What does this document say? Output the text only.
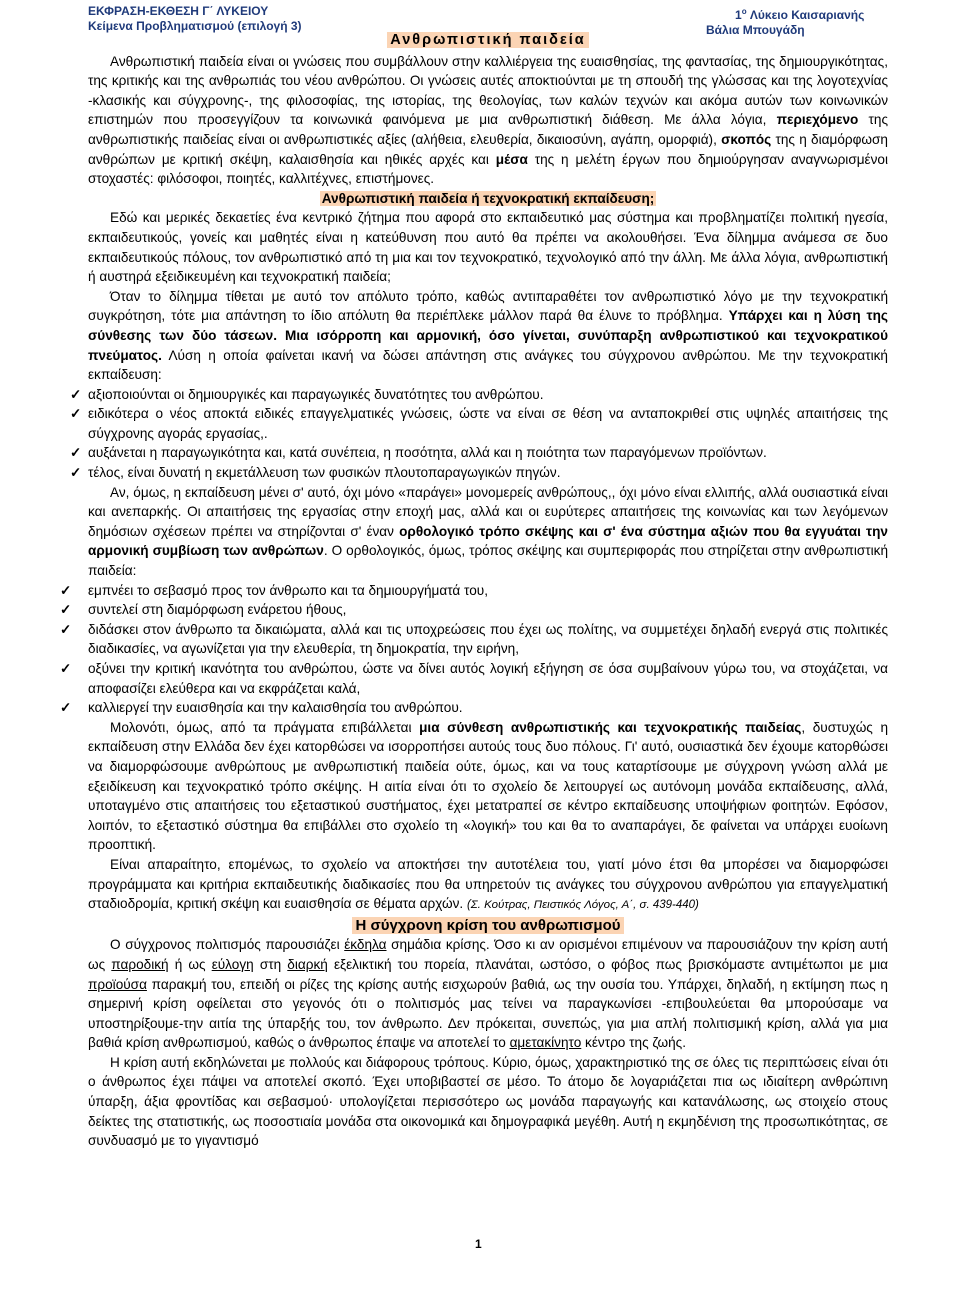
ΕΚΦΡΑΣΗ-ΕΚΘΕΣΗ Γ΄ ΛΥΚΕΙΟΥ
Κείμενα Προβληματισμού (επιλογή 3)
1$^o$ Λύκειο Καισαριανής
Βάλια Μπουγάδη
Ανθρωπιστική παιδεία

Ανθρωπιστική παιδεία είναι οι γνώσεις που συμβάλλουν στην καλλιέργεια της ευαισθησίας, της φαντασίας, της δημιουργικότητας, της κριτικής και της ανθρωπιάς του νέου ανθρώπου. Οι γνώσεις αυτές αποκτιούνται με τη σπουδή της γλώσσας και της λογοτεχνίας -κλασικής και σύγχρονης-, της φιλοσοφίας, της ιστορίας, της θεολογίας, των καλών τεχνών και ακόμα αυτών των κοινωνικών επιστημών που προσεγγίζουν τα κοινωνικά φαινόμενα με μια ανθρωπιστική διάθεση. Με άλλα λόγια, περιεχόμενο της ανθρωπιστικής παιδείας είναι οι ανθρωπιστικές αξίες (αλήθεια, ελευθερία, δικαιοσύνη, αγάπη, ομορφιά), σκοπός της η διαμόρφωση ανθρώπων με κριτική σκέψη, καλαισθησία και ηθικές αρχές και μέσα της η μελέτη έργων που δημιούργησαν αναγνωρισμένοι στοχαστές: φιλόσοφοι, ποιητές, καλλιτέχνες, επιστήμονες.

Ανθρωπιστική παιδεία ή τεχνοκρατική εκπαίδευση;

Εδώ και μερικές δεκαετίες ένα κεντρικό ζήτημα που αφορά στο εκπαιδευτικό μας σύστημα και προβληματίζει πολιτική ηγεσία, εκπαιδευτικούς, γονείς και μαθητές είναι η κατεύθυνση που αυτό θα πρέπει να ακολουθήσει. Ένα δίλημμα ανάμεσα σε δυο εκπαιδευτικούς πόλους, τον ανθρωπιστικό από τη μια και τον τεχνοκρατικό, τεχνολογικό από την άλλη. Με άλλα λόγια, ανθρωπιστική ή αυστηρά εξειδικευμένη και τεχνοκρατική παιδεία;

Όταν το δίλημμα τίθεται με αυτό τον απόλυτο τρόπο, καθώς αντιπαραθέτει τον ανθρωπιστικό λόγο με την τεχνοκρατική συγκρότηση, τότε μια απάντηση το ίδιο απόλυτη θα περιέπλεκε μάλλον παρά θα έλυνε το πρόβλημα. Υπάρχει και η λύση της σύνθεσης των δύο τάσεων. Μια ισόρροπη και αρμονική, όσο γίνεται, συνύπαρξη ανθρωπιστικού και τεχνοκρατικού πνεύματος. Λύση η οποία φαίνεται ικανή να δώσει απάντηση στις ανάγκες του σύγχρονου ανθρώπου. Με την τεχνοκρατική εκπαίδευση:

✓ αξιοποιούνται οι δημιουργικές και παραγωγικές δυνατότητες του ανθρώπου.
✓ ειδικότερα ο νέος αποκτά ειδικές επαγγελματικές γνώσεις, ώστε να είναι σε θέση να ανταποκριθεί στις υψηλές απαιτήσεις της σύγχρονης αγοράς εργασίας,.
✓ αυξάνεται η παραγωγικότητα και, κατά συνέπεια, η ποσότητα, αλλά και η ποιότητα των παραγόμενων προϊόντων.
✓ τέλος, είναι δυνατή η εκμετάλλευση των φυσικών πλουτοπαραγωγικών πηγών.

Αν, όμως, η εκπαίδευση μένει σ' αυτό, όχι μόνο «παράγει» μονομερείς ανθρώπους,, όχι μόνο είναι ελλιπής, αλλά ουσιαστικά είναι και ανεπαρκής. Οι απαιτήσεις της εργασίας στην εποχή μας, αλλά και οι ευρύτερες απαιτήσεις της κοινωνίας και των λεγόμενων δημόσιων σχέσεων πρέπει να στηρίζονται σ' έναν ορθολογικό τρόπο σκέψης και σ' ένα σύστημα αξιών που θα εγγυάται την αρμονική συμβίωση των ανθρώπων. Ο ορθολογικός, όμως, τρόπος σκέψης και συμπεριφοράς που στηρίζεται στην ανθρωπιστική παιδεία:

✓ εμπνέει το σεβασμό προς τον άνθρωπο και τα δημιουργήματά του,
✓ συντελεί στη διαμόρφωση ενάρετου ήθους,
✓ διδάσκει στον άνθρωπο τα δικαιώματα, αλλά και τις υποχρεώσεις που έχει ως πολίτης, να συμμετέχει δηλαδή ενεργά στις πολιτικές διαδικασίες, να αγωνίζεται για την ελευθερία, τη δημοκρατία, την ειρήνη,
✓ οξύνει την κριτική ικανότητα του ανθρώπου, ώστε να δίνει αυτός λογική εξήγηση σε όσα συμβαίνουν γύρω του, να στοχάζεται, να αποφασίζει ελεύθερα και να εκφράζεται καλά,
✓ καλλιεργεί την ευαισθησία και την καλαισθησία του ανθρώπου.

Μολονότι, όμως, από τα πράγματα επιβάλλεται μια σύνθεση ανθρωπιστικής και τεχνοκρατικής παιδείας, δυστυχώς η εκπαίδευση στην Ελλάδα δεν έχει κατορθώσει να ισορροπήσει αυτούς τους δυο πόλους. Γι' αυτό, ουσιαστικά δεν έχουμε κατορθώσει να διαμορφώσουμε ανθρώπους με ανθρωπιστική παιδεία ούτε, όμως, και να τους καταρτίσουμε με σύγχρονη γνώση αλλά με εξειδίκευση και τεχνοκρατικό τρόπο σκέψης. Η αιτία είναι ότι το σχολείο δε λειτουργεί ως αυτόνομη μονάδα εκπαίδευσης, αλλά, υποταγμένο στις απαιτήσεις του εξεταστικού συστήματος, έχει μετατραπεί σε κέντρο εκπαίδευσης υποψήφιων φοιτητών. Εφόσον, λοιπόν, το εξεταστικό σύστημα θα επιβάλλει στο σχολείο τη «λογική» του και θα το αναπαράγει, δε φαίνεται να υπάρχει ευοίωνη προοπτική.

Είναι απαραίτητο, επομένως, το σχολείο να αποκτήσει την αυτοτέλεια του, γιατί μόνο έτσι θα μπορέσει να διαμορφώσει προγράμματα και κριτήρια εκπαιδευτικής διαδικασίες που θα υπηρετούν τις ανάγκες του σύγχρονου ανθρώπου για επαγγελματική σταδιοδρομία, κριτική σκέψη και ευαισθησία σε θέματα αρχών. (Σ. Κούτρας, Πειστικός Λόγος, Α΄, σ. 439-440)

Η σύγχρονη κρίση του ανθρωπισμού

Ο σύγχρονος πολιτισμός παρουσιάζει έκδηλα σημάδια κρίσης. Όσο κι αν ορισμένοι επιμένουν να παρουσιάζουν την κρίση αυτή ως παροδική ή ως εύλογη στη διαρκή εξελικτική του πορεία, πλανάται, ωστόσο, ο φόβος πως βρισκόμαστε αντιμέτωποι με μια προϊούσα παρακμή του, επειδή οι ρίζες της κρίσης αυτής εισχωρούν βαθιά, ως την ουσία του. Υπάρχει, δηλαδή, η εκτίμηση πως η σημερινή κρίση οφείλεται στο γεγονός ότι ο πολιτισμός μας τείνει να παραγκωνίσει -επιβουλεύεται θα μπορούσαμε να υποστηρίξουμε-την αιτία της ύπαρξής του, τον άνθρωπο. Δεν πρόκειται, συνεπώς, για μια απλή πολιτισμική κρίση, αλλά για μια βαθιά κρίση ανθρωπισμού, καθώς ο άνθρωπος έπαψε να αποτελεί το αμετακίνητο κέντρο της ζωής.

Η κρίση αυτή εκδηλώνεται με πολλούς και διάφορους τρόπους. Κύριο, όμως, χαρακτηριστικό της σε όλες τις περιπτώσεις είναι ότι ο άνθρωπος έχει πάψει να αποτελεί σκοπό. Έχει υποβιβαστεί σε μέσο. Το άτομο δε λογαριάζεται πια ως ιδιαίτερη ανθρώπινη ύπαρξη, άξια φροντίδας και σεβασμού· υπολογίζεται περισσότερο ως μονάδα παραγωγής και κατανάλωσης, ως στοιχείο στους δείκτες της στατιστικής, ως ποσοστιαία μονάδα στα οικονομικά και δημογραφικά μεγέθη. Αυτή η εκμηδένιση της προσωπικότητας, σε συνδυασμό με το γιγαντισμό

1
